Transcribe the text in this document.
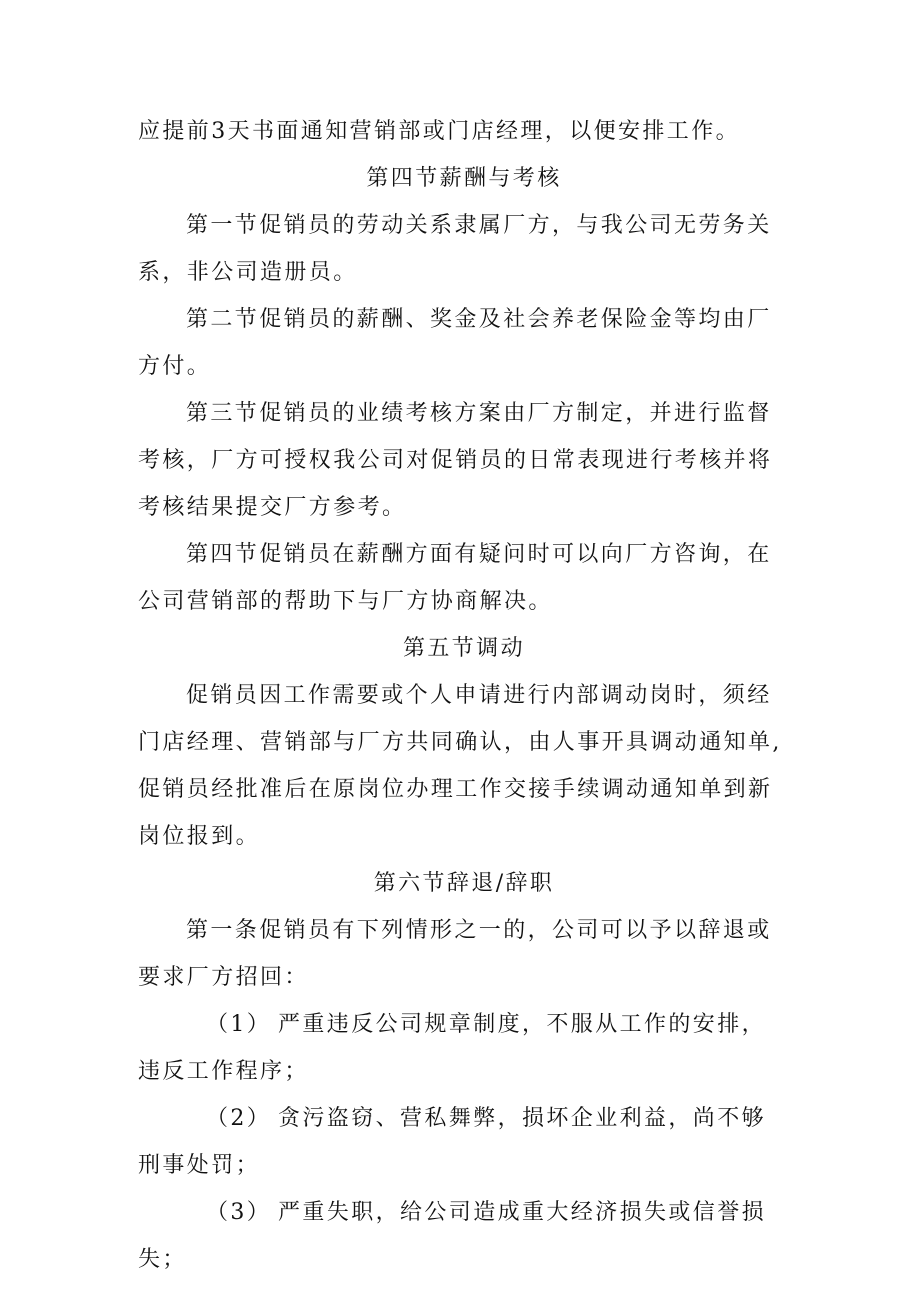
应提前3天书面通知营销部或门店经理，以便安排工作。

第四节薪酬与考核

第一节促销员的劳动关系隶属厂方，与我公司无劳务关系，非公司造册员。

第二节促销员的薪酬、奖金及社会养老保险金等均由厂方付。

第三节促销员的业绩考核方案由厂方制定，并进行监督考核，厂方可授权我公司对促销员的日常表现进行考核并将考核结果提交厂方参考。

第四节促销员在薪酬方面有疑问时可以向厂方咨询，在公司营销部的帮助下与厂方协商解决。

第五节调动

促销员因工作需要或个人申请进行内部调动岗时，须经门店经理、营销部与厂方共同确认，由人事开具调动通知单,促销员经批准后在原岗位办理工作交接手续调动通知单到新岗位报到。

第六节辞退/辞职

第一条促销员有下列情形之一的，公司可以予以辞退或要求厂方招回：

（1） 严重违反公司规章制度，不服从工作的安排，违反工作程序；

（2） 贪污盗窃、营私舞弊，损坏企业利益，尚不够刑事处罚；

（3） 严重失职，给公司造成重大经济损失或信誉损失；
